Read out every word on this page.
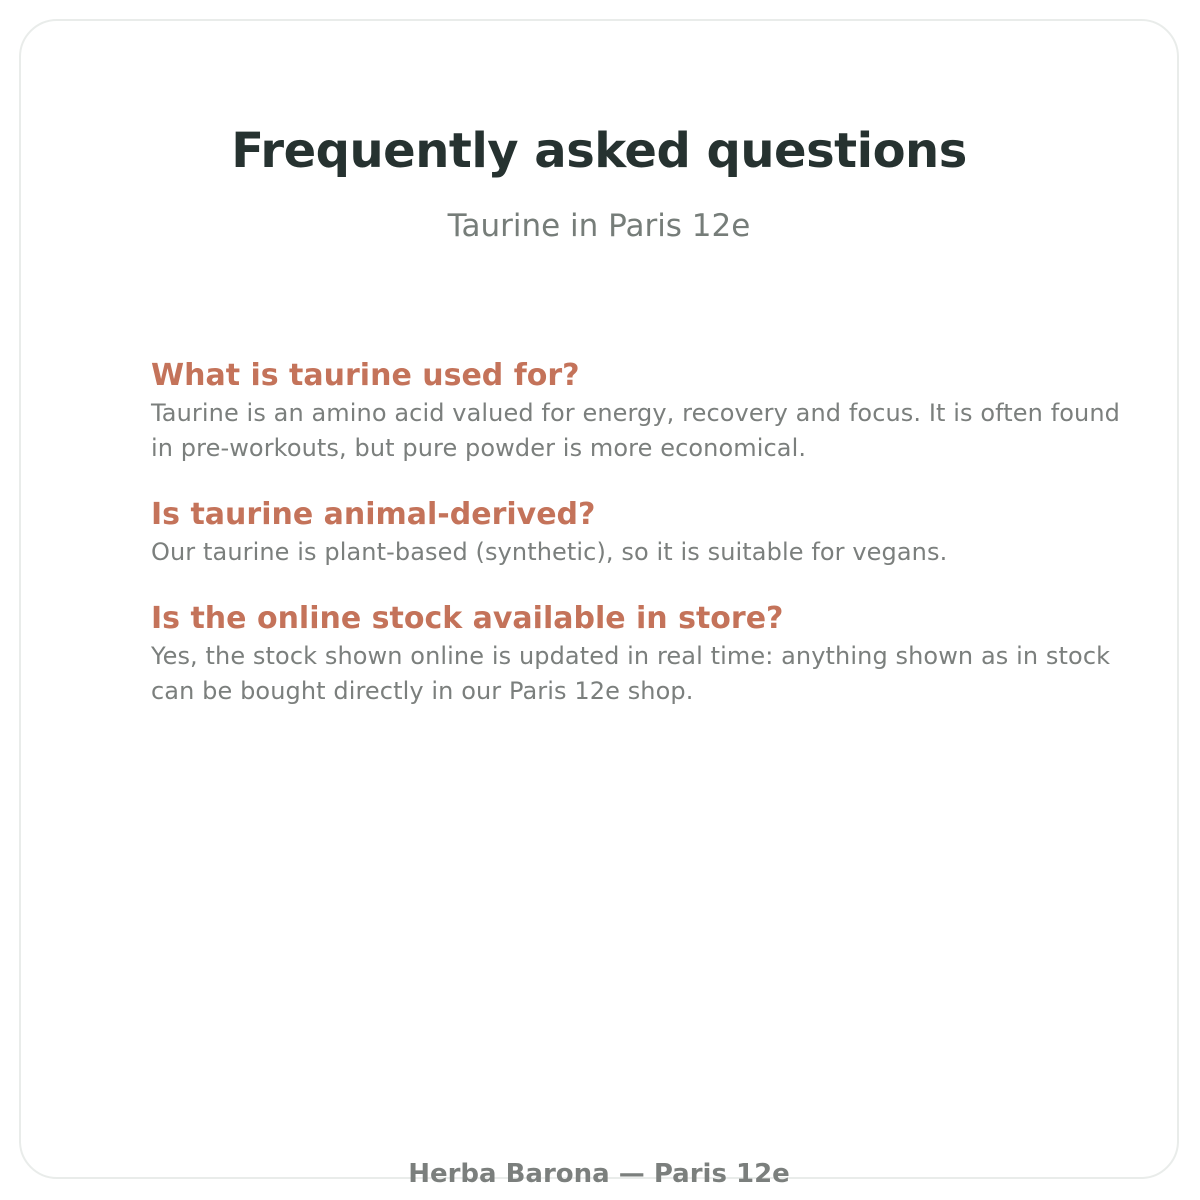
Frequently asked questions

Taurine in Paris 12e

What is taurine used for?

Taurine is an amino acid valued for energy, recovery and focus. It is often found in pre-workouts, but pure powder is more economical.

Is taurine animal-derived?

Our taurine is plant-based (synthetic), so it is suitable for vegans.

Is the online stock available in store?

Yes, the stock shown online is updated in real time: anything shown as in stock can be bought directly in our Paris 12e shop.

Herba Barona — Paris 12e
